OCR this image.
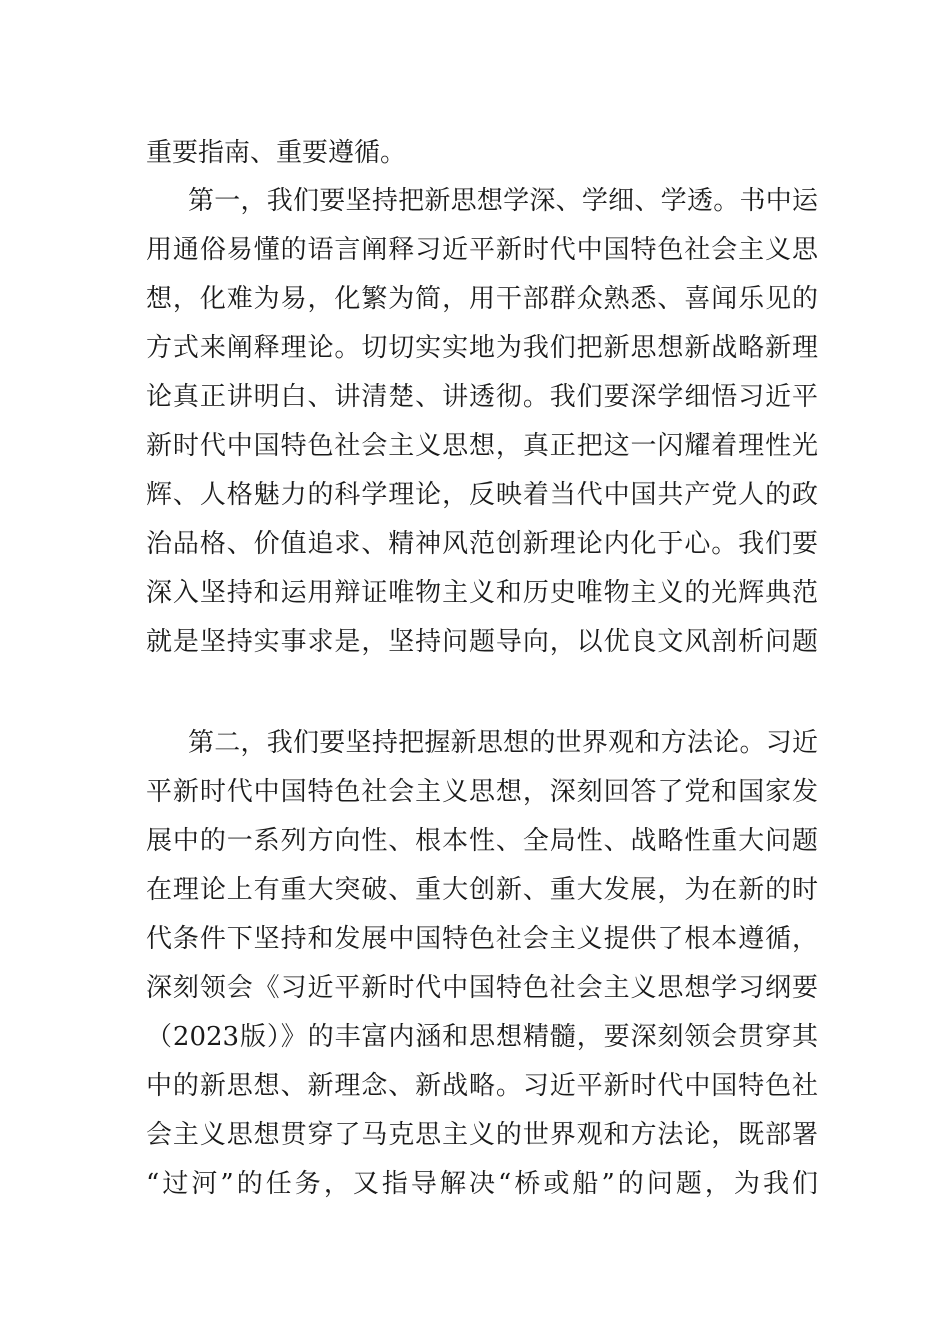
重要指南、重要遵循。
第一，我们要坚持把新思想学深、学细、学透。书中运
用通俗易懂的语言阐释习近平新时代中国特色社会主义思
想，化难为易，化繁为简，用干部群众熟悉、喜闻乐见的
方式来阐释理论。切切实实地为我们把新思想新战略新理
论真正讲明白、讲清楚、讲透彻。我们要深学细悟习近平
新时代中国特色社会主义思想，真正把这一闪耀着理性光
辉、人格魅力的科学理论，反映着当代中国共产党人的政
治品格、价值追求、精神风范创新理论内化于心。我们要
深入坚持和运用辩证唯物主义和历史唯物主义的光辉典范
就是坚持实事求是，坚持问题导向，以优良文风剖析问题
第二，我们要坚持把握新思想的世界观和方法论。习近
平新时代中国特色社会主义思想，深刻回答了党和国家发
展中的一系列方向性、根本性、全局性、战略性重大问题
在理论上有重大突破、重大创新、重大发展，为在新的时
代条件下坚持和发展中国特色社会主义提供了根本遵循，
深刻领会《习近平新时代中国特色社会主义思想学习纲要
（2023版）》的丰富内涵和思想精髓，要深刻领会贯穿其
中的新思想、新理念、新战略。习近平新时代中国特色社
会主义思想贯穿了马克思主义的世界观和方法论，既部署
“过河”的任务，又指导解决“桥或船”的问题，为我们
